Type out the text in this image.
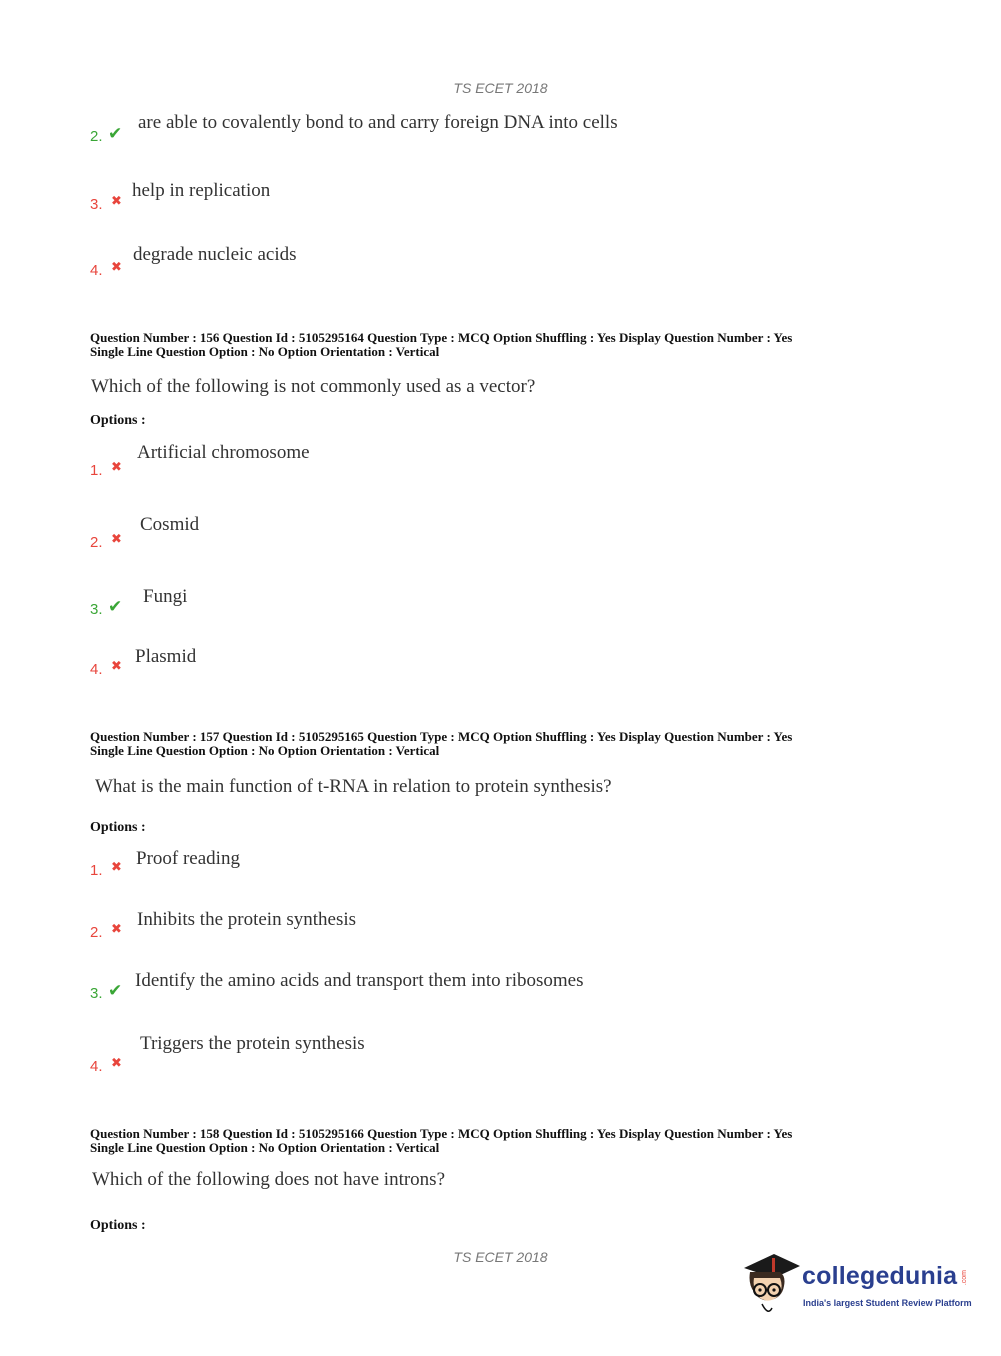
TS ECET 2018
2. ✔
are able to covalently bond to and carry foreign DNA into cells
3. ✖
help in replication
4. ✖
degrade nucleic acids
Question Number : 156 Question Id : 5105295164 Question Type : MCQ Option Shuffling : Yes Display Question Number : Yes
Single Line Question Option : No Option Orientation : Vertical
Which of the following is not commonly used as a vector?
Options :
1. ✖
Artificial chromosome
2. ✖
Cosmid
3. ✔ Fungi
4. ✖ Plasmid
Question Number : 157 Question Id : 5105295165 Question Type : MCQ Option Shuffling : Yes Display Question Number : Yes
Single Line Question Option : No Option Orientation : Vertical
What is the main function of t-RNA in relation to protein synthesis?
Options :
1. ✖ Proof reading
2. ✖ Inhibits the protein synthesis
3. ✔ Identify the amino acids and transport them into ribosomes
4. ✖
Triggers the protein synthesis
Question Number : 158 Question Id : 5105295166 Question Type : MCQ Option Shuffling : Yes Display Question Number : Yes
Single Line Question Option : No Option Orientation : Vertical
Which of the following does not have introns?
Options :
TS ECET 2018
collegedunia .com
India's largest Student Review Platform
